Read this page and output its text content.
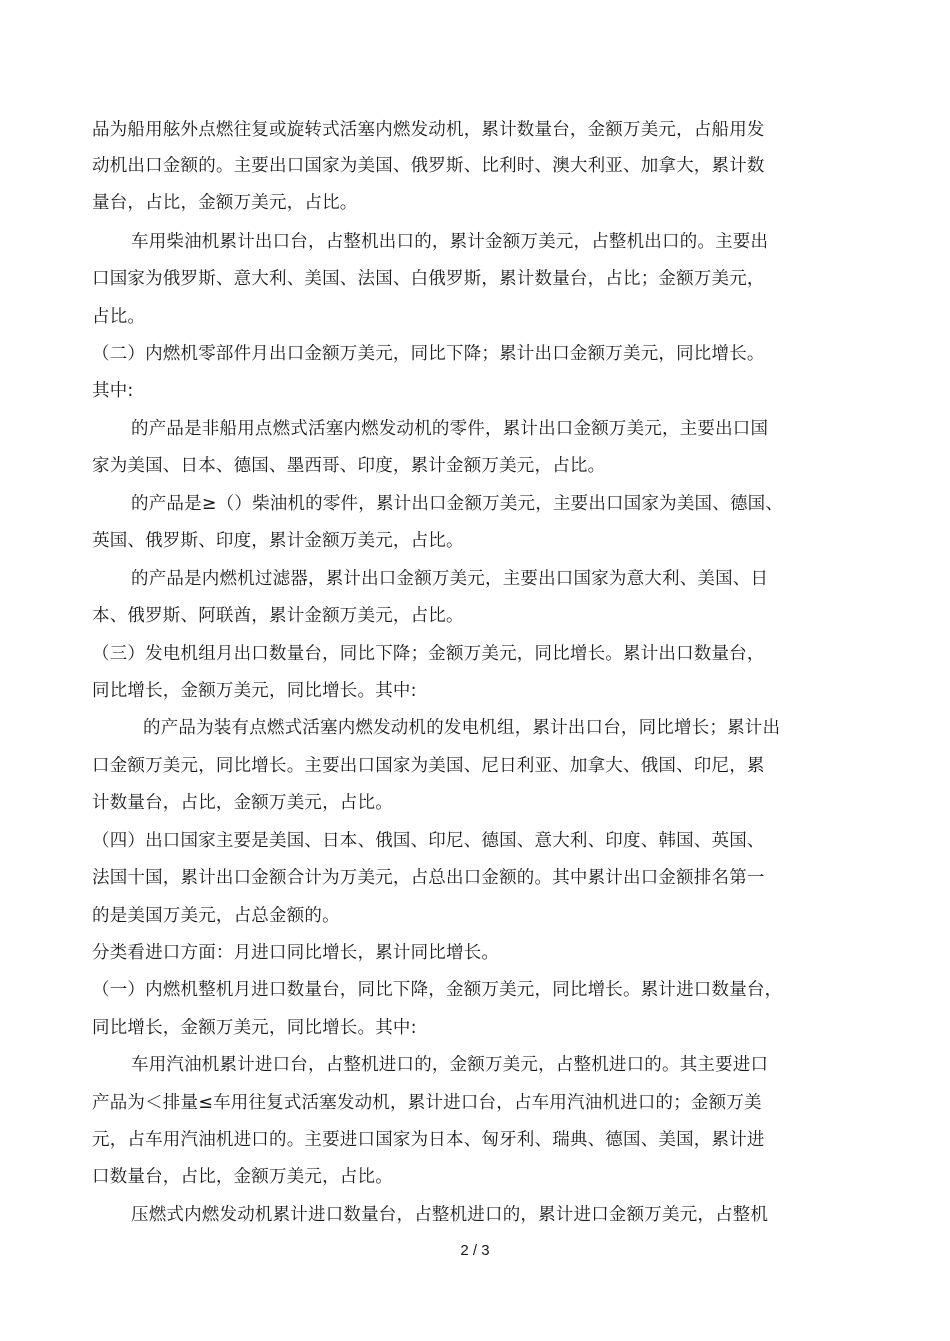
品为船用舷外点燃往复或旋转式活塞内燃发动机，累计数量台，金额万美元，占船用发
动机出口金额的。主要出口国家为美国、俄罗斯、比利时、澳大利亚、加拿大，累计数
量台，占比，金额万美元，占比。
车用柴油机累计出口台，占整机出口的，累计金额万美元，占整机出口的。主要出
口国家为俄罗斯、意大利、美国、法国、白俄罗斯，累计数量台，占比；金额万美元，
占比。
（二）内燃机零部件月出口金额万美元，同比下降；累计出口金额万美元，同比增长。
其中:
的产品是非船用点燃式活塞内燃发动机的零件，累计出口金额万美元，主要出口国
家为美国、日本、德国、墨西哥、印度，累计金额万美元，占比。
的产品是≥（）柴油机的零件，累计出口金额万美元，主要出口国家为美国、德国、
英国、俄罗斯、印度，累计金额万美元，占比。
的产品是内燃机过滤器，累计出口金额万美元，主要出口国家为意大利、美国、日
本、俄罗斯、阿联酋，累计金额万美元，占比。
（三）发电机组月出口数量台，同比下降；金额万美元，同比增长。累计出口数量台，
同比增长，金额万美元，同比增长。其中:
的产品为装有点燃式活塞内燃发动机的发电机组，累计出口台，同比增长；累计出
口金额万美元，同比增长。主要出口国家为美国、尼日利亚、加拿大、俄国、印尼，累
计数量台，占比，金额万美元，占比。
（四）出口国家主要是美国、日本、俄国、印尼、德国、意大利、印度、韩国、英国、
法国十国，累计出口金额合计为万美元，占总出口金额的。其中累计出口金额排名第一
的是美国万美元，占总金额的。
分类看进口方面：月进口同比增长，累计同比增长。
（一）内燃机整机月进口数量台，同比下降，金额万美元，同比增长。累计进口数量台，
同比增长，金额万美元，同比增长。其中:
车用汽油机累计进口台，占整机进口的，金额万美元，占整机进口的。其主要进口
产品为＜排量≤车用往复式活塞发动机，累计进口台，占车用汽油机进口的；金额万美
元，占车用汽油机进口的。主要进口国家为日本、匈牙利、瑞典、德国、美国，累计进
口数量台，占比，金额万美元，占比。
压燃式内燃发动机累计进口数量台，占整机进口的，累计进口金额万美元，占整机
2 / 3
